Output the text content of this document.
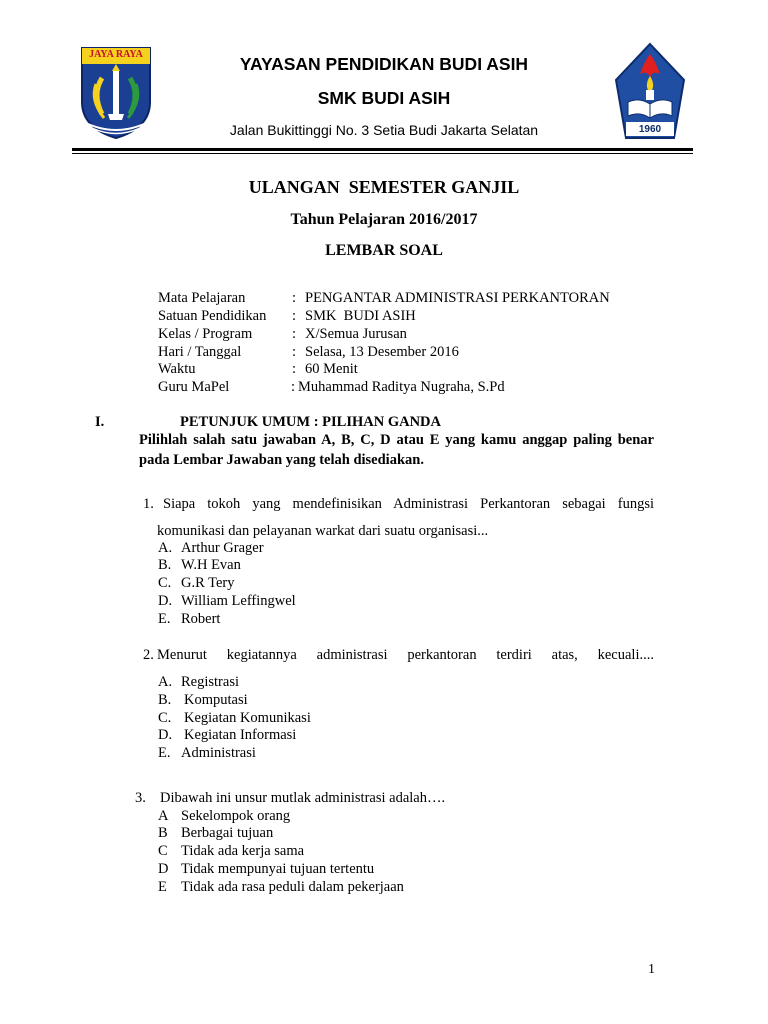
JAYA RAYA	YAYASAN PENDIDIKAN BUDI ASIH
SMK BUDI ASIH
Jalan Bukittinggi No. 3 Setia Budi Jakarta Selatan	1960
ULANGAN  SEMESTER GANJIL
Tahun Pelajaran 2016/2017
LEMBAR SOAL
Mata Pelajaran	: PENGANTAR ADMINISTRASI PERKANTORAN
Satuan Pendidikan : SMK  BUDI ASIH
Kelas / Program	: X/Semua Jurusan
Hari / Tanggal	: Selasa, 13 Desember 2016
Waktu	: 60 Menit
Guru MaPel	: Muhammad Raditya Nugraha, S.Pd
I.	PETUNJUK UMUM : PILIHAN GANDA
Pilihlah salah satu jawaban A, B, C, D atau E yang kamu anggap paling benar
pada Lembar Jawaban yang telah disediakan.
1. Siapa tokoh yang mendefinisikan Administrasi Perkantoran sebagai fungsi
komunikasi dan pelayanan warkat dari suatu organisasi...
A. Arthur Grager
B. W.H Evan
C. G.R Tery
D. William Leffingwel
E. Robert
2. Menurut kegiatannya administrasi perkantoran terdiri atas, kecuali....
A. Registrasi
B. Komputasi
C. Kegiatan Komunikasi
D. Kegiatan Informasi
E. Administrasi
3. Dibawah ini unsur mutlak administrasi adalah….
A Sekelompok orang
B Berbagai tujuan
C Tidak ada kerja sama
D Tidak mempunyai tujuan tertentu
E Tidak ada rasa peduli dalam pekerjaan
1
